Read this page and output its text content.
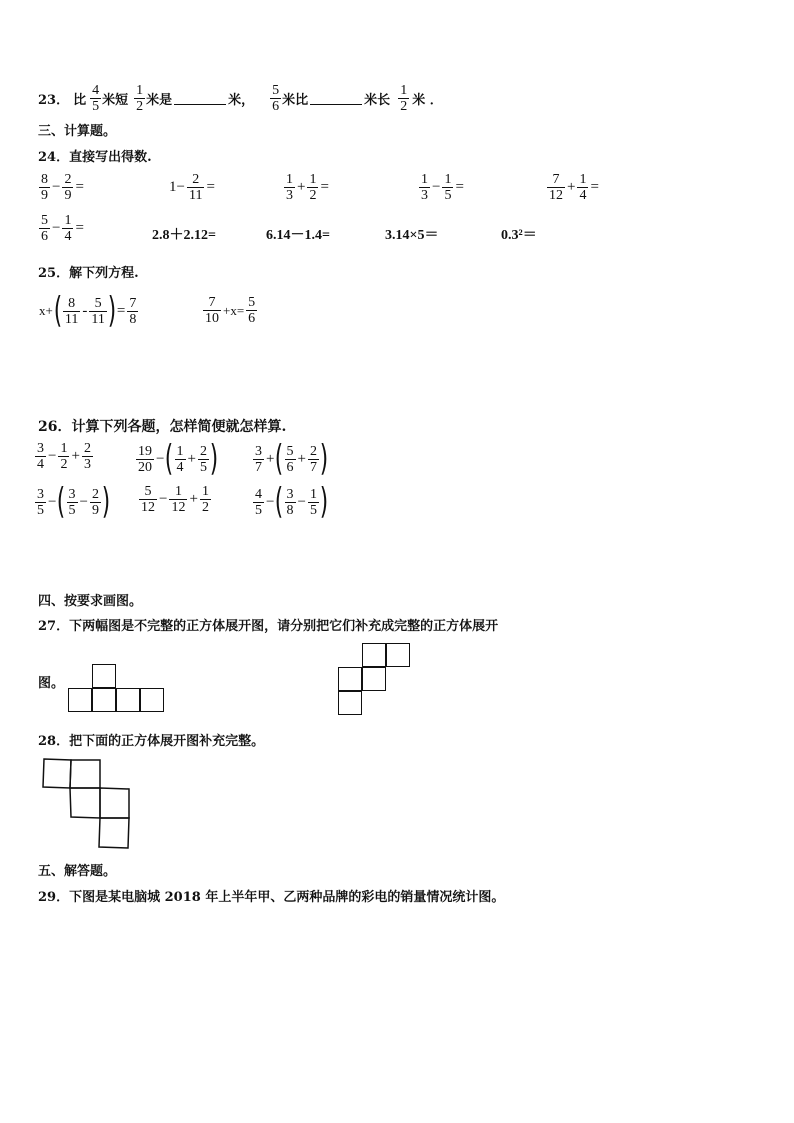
23． 比 $\frac{4}{5}$ 米短 $\frac{1}{2}$ 米是	米， $\frac{5}{6}$ 米比	米长 $\frac{1}{2}$ 米 ．
三、计算题。
24．直接写出得数.
$\frac{8}{9} - \frac{2}{9}$ =	$1- \frac{2}{11}$ =	$\frac{1}{3} + \frac{1}{2}$ =	$\frac{1}{3} - \frac{1}{5}$ =	$\frac{7}{12} + \frac{1}{4}$ =
$\frac{5}{6} - \frac{1}{4}$ =	2.8＋2.12=	6.14－1.4=	3.14×5＝	0.3²＝
25．解下列方程.
x+ ( $\frac{8}{11} - \frac{5}{11}$ ) = $\frac{7}{8}$	$\frac{7}{10} +x= \frac{5}{6}$
26．计算下列各题，怎样简便就怎样算.
$\frac{3}{4} - \frac{1}{2} + \frac{2}{3}$	$\frac{19}{20}$ − ( $\frac{1}{4} + \frac{2}{5}$ ) $\frac{3}{7}$ + ( $\frac{5}{6} + \frac{2}{7}$ )
$\frac{3}{5}$ − ( $\frac{3}{5} - \frac{2}{9}$ ) $\frac{5}{12} - \frac{1}{12} + \frac{1}{2}$	$\frac{4}{5}$ − ( $\frac{3}{8} - \frac{1}{5}$ )
四、按要求画图。
27．下两幅图是不完整的正方体展开图，请分别把它们补充成完整的正方体展开
图。
28．把下面的正方体展开图补充完整。
五、解答题。
29．下图是某电脑城 2018 年上半年甲、乙两种品牌的彩电的销量情况统计图。
